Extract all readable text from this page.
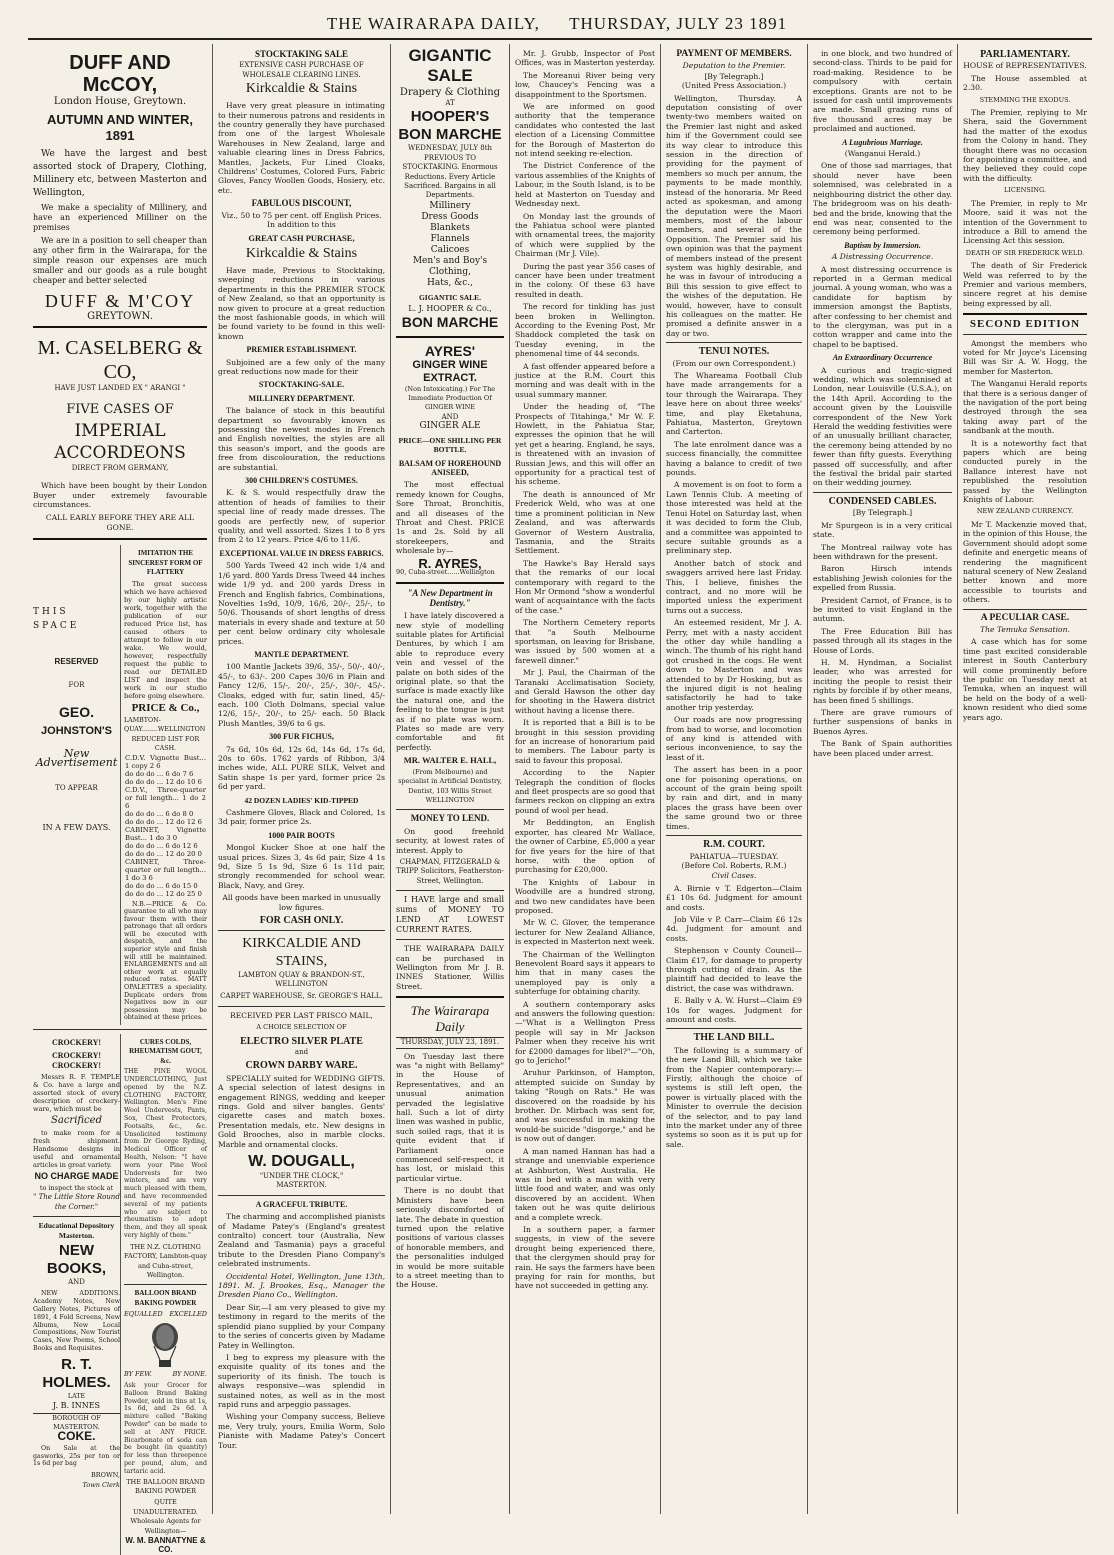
THE WAIRARAPA DAILY, THURSDAY, JULY 23 1891
DUFF AND McCOY,
London House, Greytown.
AUTUMN AND WINTER, 1891
We have the largest and best assorted stock of Drapery, Clothing, Millinery etc, between Masterton and Wellington,
We make a speciality of Millinery, and have an experienced Milliner on the premises
We are in a position to sell cheaper than any other firm in the Wairarapa, for the simple reason our expenses are much smaller and our goods as a rule bought cheaper and better selected
DUFF & M'COY
GREYTOWN.
M. CASELBERG & CO,
HAVE JUST LANDED EX " ARANGI "
FIVE CASES OF
IMPERIAL ACCORDEONS
DIRECT FROM GERMANY,
Which have been bought by their London Buyer under extremely favourable circumstances.
CALL EARLY BEFORE THEY ARE ALL GONE.
THIS SPACE
RESERVED
FOR
GEO.
JOHNSTON'S
New Advertisement
TO APPEAR
IN A FEW DAYS.
IMITATION THE SINCEREST FORM OF FLATTERY
The great success which we have achieved by our highly artistic work, together with the publication of our reduced Price list, has caused others to attempt to follow in our wake. We would, however, respectfully request the public to read our DETAILED LIST and inspect the work in our studio before going elsewhere.
PRICE & Co.,
LAMBTON-QUAY........WELLINGTON
REDUCED LIST FOR CASH.
C.D.V. Vignette Bust... 1 copy 2 6
do do do ... 6 do 7 6
do do do ... 12 do 10 6
C.D.V., Three-quarter or full length... 1 do 2 6
do do do ... 6 do 8 0
do do do ... 12 do 12 6
CABINET, Vignette Bust... 1 do 3 0
do do do ... 6 do 12 6
do do do ... 12 do 20 0
CABINET, Three-quarter or full length... 1 do 3 6
do do do ... 6 do 15 0
do do do ... 12 do 25 0
N.B.—PRICE & Co. guarantee to all who may favour them with their patronage that all orders will be executed with despatch, and the superior style and finish will still be maintained. ENLARGEMENTS and all other work at equally reduced rates. MATT OPALETTES a speciality. Duplicate orders from Negatives now in our possession may be obtained at these prices.
CROCKERY!
CROCKERY! CROCKERY!
Messrs R. F. TEMPLE & Co. have a large and assorted stock of every description of crockery-ware, which must be
Sacrificed
to make room for a fresh shipment. Handsome designs in useful and ornamental articles in great variety.
NO CHARGE MADE
to inspect the stock at
" The Little Store Round the Corner."
Educational Depository Masterton.
NEW BOOKS,
AND
NEW ADDITIONS. Academy Notes, New Gallery Notes, Pictures of 1891, 4 Fold Screens, New Albums, New Local Compositions, New Tourist Cases, New Poems, School Books and Requisites.
R. T. HOLMES.
LATE
J. B. INNES
BOROUGH OF MASTERTON.
COKE.
On Sale at the gasworks, 25s per ton or 1s 6d per bag
BROWN,
Town Clerk
CURES COLDS, RHEUMATISM GOUT, &c.
THE PINE WOOL UNDERCLOTHING, Just opened by the N.Z. CLOTHING FACTORY, Wellington. Men's Fine Wool Undervests, Pants, Sox, Chest Protectors, Footsalts, &c., &c. Unsolicited testimony from Dr George Ryding, Medical Officer of Health, Nelson: "I have worn your Pine Wool Undervests for two winters, and am very much pleased with them, and have recommended several of my patients who are subject to rheumatism to adopt them, and they all speak very highly of them."
THE N.Z. CLOTHING FACTORY, Lambton-quay and Cuba-street, Wellington.
BALLOON BRAND BAKING POWDER
EQUALLED EXCELLED
BY FEW.	BY NONE.
Ask your Grocer for Balloon Brand Baking Powder, sold in tins at 1s, 1s 6d, and 2s 6d. A mixture called "Baking Powder" can be made to sell at ANY PRICE. Bicarbonate of soda can be bought (in quantity) for less than threepence per pound, alum, and tartaric acid.
THE BALLOON BRAND BAKING POWDER
QUITE UNADULTERATED.
Wholesale Agents for Wellington—
W. M. BANNATYNE & CO.
STOCKTAKING SALE
EXTENSIVE CASH PURCHASE OF WHOLESALE CLEARING LINES.
Kirkcaldie & Stains
Have very great pleasure in intimating to their numerous patrons and residents in the country generally they have purchased from one of the largest Wholesale Warehouses in New Zealand, large and valuable clearing lines in Dress Fabrics, Mantles, Jackets, Fur Lined Cloaks, Childrens' Costumes, Colored Furs, Fabric Gloves, Fancy Woollen Goods, Hosiery, etc. etc.
FABULOUS DISCOUNT,
Viz., 50 to 75 per cent. off English Prices. In addition to this
GREAT CASH PURCHASE,
Kirkcaldie & Stains
Have made, Previous to Stocktaking, sweeping reductions in various departments in this the PREMIER STOCK of New Zealand, so that an opportunity is now given to procure at a great reduction the most fashionable goods, in which will be found variety to be found in this well-known
PREMIER ESTABLISHMENT.
Subjoined are a few only of the many great reductions now made for their
STOCKTAKING-SALE.
MILLINERY DEPARTMENT.
The balance of stock in this beautiful department so favourably known as possessing the newest modes in French and English novelties, the styles are all this season's import, and the goods are free from discolouration, the reductions are substantial.
300 CHILDREN'S COSTUMES.
K. & S. would respectfully draw the attention of heads of families to their special line of ready made dresses. The goods are perfectly new, of superior quality, and well assorted. Sizes 1 to 8 yrs from 2 to 12 years. Price 4/6 to 11/6.
EXCEPTIONAL VALUE IN DRESS FABRICS.
500 Yards Tweed 42 inch wide 1/4 and 1/6 yard. 800 Yards Dress Tweed 44 inches wide 1/9 yd. and 200 yards Dress in French and English fabrics, Combinations, Novelties 1s9d, 10/9, 16/6, 20/-, 25/-, to 50/6. Thousands of short lengths of dress materials in every shade and texture at 50 per cent below ordinary city wholesale prices.
MANTLE DEPARTMENT.
100 Mantle Jackets 39/6, 35/-, 50/-, 40/-, 45/-, to 63/-. 200 Capes 30/6 in Plain and Fancy 12/6, 15/-, 20/-, 25/-, 30/-, 45/-. Cloaks, edged with fur, satin lined, 45/- each. 100 Cloth Dolmans, special value 12/6, 15/-, 20/-, to 25/- each. 50 Black Plush Mantles, 39/6 to 6 gs.
300 FUR FICHUS,
7s 6d, 10s 6d, 12s 6d, 14s 6d, 17s 6d, 20s to 60s. 1762 yards of Ribbon, 3/4 inches wide, ALL PURE SILK, Velvet and Satin shape 1s per yard, former price 2s 6d per yard.
42 DOZEN LADIES' KID-TIPPED
Cashmere Gloves, Black and Colored, 1s 3d pair, former price 2s.
1000 PAIR BOOTS
Mongol Kucker Shoe at one half the usual prices. Sizes 3, 4s 6d pair, Size 4 1s 9d, Size 5 1s 9d, Size 6 1s 11d pair, strongly recommended for school wear. Black, Navy, and Grey.
All goods have been marked in unusually low figures.
FOR CASH ONLY.
KIRKCALDIE AND STAINS,
LAMBTON QUAY & BRANDON-ST., WELLINGTON
CARPET WAREHOUSE, Sr. GEORGE'S HALL.
RECEIVED PER LAST FRISCO MAIL,
A CHOICE SELECTION OF
ELECTRO SILVER PLATE
and
CROWN DARBY WARE.
SPECIALLY suited for WEDDING GIFTS. A special selection of latest designs in engagement RINGS, wedding and keeper rings. Gold and silver bangles. Gents' cigarette cases and match boxes. Presentation medals, etc. New designs in Gold Brooches, also in marble clocks. Marble and ornamental clocks.
W. DOUGALL,
"UNDER THE CLOCK,"
MASTERTON.
A GRACEFUL TRIBUTE.
The charming and accomplished pianists of Madame Patey's (England's greatest contralto) concert tour (Australia, New Zealand and Tasmania) pays a graceful tribute to the Dresden Piano Company's celebrated instruments.
Occidental Hotel, Wellington, June 13th, 1891. M. J. Brookes, Esq., Manager the Dresden Piano Co., Wellington.
Dear Sir,—I am very pleased to give my testimony in regard to the merits of the splendid piano supplied by your Company to the series of concerts given by Madame Patey in Wellington.
I beg to express my pleasure with the exquisite quality of its tones and the superiority of its finish. The touch is always responsive—was splendid in sustained notes, as well as in the most rapid runs and arpeggio passages.
Wishing your Company success, Believe me, Very truly, yours, Emilia Worm, Solo Pianiste with Madame Patey's Concert Tour.
GIGANTIC SALE
Drapery & Clothing
AT
HOOPER'S
BON MARCHE
WEDNESDAY, JULY 8th PREVIOUS TO STOCKTAKING. Enormous Reductions. Every Article Sacrificed. Bargains in all Departments.
Millinery
Dress Goods
Blankets
Flannels
Calicoes
Men's and Boy's Clothing,
Hats, &c.,
GIGANTIC SALE.
L. J. HOOPER & Co.,
BON MARCHE
AYRES'
GINGER WINE EXTRACT.
(Non Intoxicating.) For The Immediate Production Of GINGER WINE
AND
GINGER ALE
PRICE—ONE SHILLING PER BOTTLE.
BALSAM OF HOREHOUND ANISEED,
The most effectual remedy known for Coughs, Sore Throat, Bronchitis, and all diseases of the Throat and Chest. PRICE 1s and 2s. Sold by all storekeepers, and wholesale by—
R. AYRES,
90, Cuba-street......Wellington
"A New Department in Dentistry."
I have lately discovered a new style of modelling suitable plates for Artificial Dentures, by which I am able to reproduce every vein and vessel of the palate on both sides of the original plate, so that the surface is made exactly like the natural one, and the feeling to the tongue is just as if no plate was worn. Plates so made are very comfortable and fit perfectly.
MR. WALTER E. HALL,
(From Melbourne) and specialist in Artificial Dentistry, Dentist, 103 Willis Street WELLINGTON
MONEY TO LEND.
On good freehold security, at lowest rates of interest. Apply to
CHAPMAN, FITZGERALD & TRIPP Solicitors, Featherston-Street, Wellington.
I HAVE large and small sums of MONEY TO LEND AT LOWEST CURRENT RATES.
THE WAIRARAPA DAILY can be purchased in Wellington from Mr J. B. INNES Stationer, Willis Street.
The Wairarapa Daily
THURSDAY, JULY 23, 1891.
On Tuesday last there was "a night with Bellamy" in the House of Representatives, and an unusual animation pervaded the legislative hall. Such a lot of dirty linen was washed in public, such soiled rags, that it is quite evident that if Parliament once commenced self-respect, it has lost, or mislaid this particular virtue.
There is no doubt that Ministers have been seriously discomforted of late. The debate in question turned upon the relative positions of various classes of honorable members, and the personalities indulged in would be more suitable to a street meeting than to the House.
Mr. J. Grubb, Inspector of Post Offices, was in Masterton yesterday.
The Moreanui River being very low, Chaucey's Fencing was a disappointment to the Sportsmen.
We are informed on good authority that the temperance candidates who contested the last election of a Licensing Committee for the Borough of Masterton do not intend seeking re-election.
The District Conference of the various assemblies of the Knights of Labour, in the South Island, is to be held at Masterton on Tuesday and Wednesday next.
On Monday last the grounds of the Pahiatua school were planted with ornamental trees, the majority of which were supplied by the Chairman (Mr J. Vile).
During the past year 356 cases of cancer have been under treatment in the colony. Of these 63 have resulted in death.
The record for tinkling has just been broken in Wellington. According to the Evening Post, Mr Shaddock completed the task on Tuesday evening, in the phenomenal time of 44 seconds.
A fast offender appeared before a justice at the R.M. Court this morning and was dealt with in the usual summary manner.
Under the heading of, "The Prospects of Titahinga," Mr W. F. Howlett, in the Pahiatua Star, expresses the opinion that he will yet get a hearing. England, he says, is threatened with an invasion of Russian Jews, and this will offer an opportunity for a practical test of his scheme.
The death is announced of Mr Frederick Weld, who was at one time a prominent politician in New Zealand, and was afterwards Governor of Western Australia, Tasmania, and the Straits Settlement.
The Hawke's Bay Herald says that the remarks of our local contemporary with regard to the Hon Mr Ormond "show a wonderful want of acquaintance with the facts of the case."
The Northern Cemetery reports that "a South Melbourne sportsman, on leaving for Brisbane, was issued by 500 women at a farewell dinner."
Mr J. Paul, the Chairman of the Taranaki Acclimatisation Society, and Gerald Hawson the other day for shooting in the Hawera district without having a license there.
It is reported that a Bill is to be brought in this session providing for an increase of honorarium paid to members. The Labour party is said to favour this proposal.
According to the Napier Telegraph the condition of flocks and fleet prospects are so good that farmers reckon on clipping an extra pound of wool per head.
Mr Beddington, an English exporter, has cleared Mr Wallace, the owner of Carbine, £5,000 a year for five years for the hire of that horse, with the option of purchasing for £20,000.
The Knights of Labour in Woodville are a hundred strong, and two new candidates have been proposed.
Mr W. C. Glover, the temperance lecturer for New Zealand Alliance, is expected in Masterton next week.
The Chairman of the Wellington Benevolent Board says it appears to him that in many cases the unemployed pay is only a subterfuge for obtaining charity.
A southern contemporary asks and answers the following question:—"What is a Wellington Press people will say in Mr Jackson Palmer when they receive his writ for £2000 damages for libel?"—"Oh, go to Jericho!"
Aruhur Parkinson, of Hampton, attempted suicide on Sunday by taking "Rough on Rats." He was discovered on the roadside by his brother. Dr. Mirbach was sent for, and was successful in making the would-be suicide "disgorge," and he is now out of danger.
A man named Hannan has had a strange and unenviable experience at Ashburton, West Australia. He was in bed with a man with very little food and water, and was only discovered by an accident. When taken out he was quite delirious and a complete wreck.
In a southern paper, a farmer suggests, in view of the severe drought being experienced there, that the clergymen should pray for rain. He says the farmers have been praying for rain for months, but have not succeeded in getting any.
PAYMENT OF MEMBERS.
Deputation to the Premier.
[By Telegraph.]
(United Press Association.)
Wellington, Thursday. A deputation consisting of over twenty-two members waited on the Premier last night and asked him if the Government could see its way clear to introduce this session in the direction of providing for the payment of members so much per annum, the payments to be made monthly, instead of the honoraria. Mr Reed acted as spokesman, and among the deputation were the Maori members, most of the labour members, and several of the Opposition. The Premier said his own opinion was that the payment of members instead of the present system was highly desirable, and he was in favour of introducing a Bill this session to give effect to the wishes of the deputation. He would, however, have to consult his colleagues on the matter. He promised a definite answer in a day or two.
TENUI NOTES.
(From our own Correspondent.)
The Whareama Football Club have made arrangements for a tour through the Wairarapa. They leave here on about three weeks' time, and play Eketahuna, Pahiatua, Masterton, Greytown and Carterton.
The late enrolment dance was a success financially, the committee having a balance to credit of two pounds.
A movement is on foot to form a Lawn Tennis Club. A meeting of those interested was held at the Tenui Hotel on Saturday last, when it was decided to form the Club, and a committee was appointed to secure suitable grounds as a preliminary step.
Another batch of stock and swaggers arrived here last Friday. This, I believe, finishes the contract, and no more will be imported unless the experiment turns out a success.
An esteemed resident, Mr J. A. Perry, met with a nasty accident the other day while handling a winch. The thumb of his right hand got crushed in the cogs. He went down to Masterton and was attended to by Dr Hosking, but as the injured digit is not healing satisfactorily he had to take another trip yesterday.
Our roads are now progressing from bad to worse, and locomotion of any kind is attended with serious inconvenience, to say the least of it.
The assert has been in a poor one for poisoning operations, on account of the grain being spoilt by rain and dirt, and in many places the grass have been over the same ground two or three times.
R.M. COURT.
PAHIATUA—TUESDAY.
(Before Col. Roberts, R.M.)
Civil Cases.
A. Birnie v T. Edgerton—Claim £1 10s 6d. Judgment for amount and costs.
Job Vile v P. Carr—Claim £6 12s 4d. Judgment for amount and costs.
Stephenson v County Council—Claim £17, for damage to property through cutting of drain. As the plaintiff had decided to leave the district, the case was withdrawn.
E. Bally v A. W. Hurst—Claim £9 10s for wages. Judgment for amount and costs.
THE LAND BILL.
The following is a summary of the new Land Bill, which we take from the Napier contemporary:—Firstly, although the choice of systems is still left open, the power is virtually placed with the Minister to overrule the decision of the selector, and to pay land into the market under any of three systems so soon as it is put up for sale.
in one block, and two hundred of second-class. Thirds to be paid for road-making. Residence to be compulsory with certain exceptions. Grants are not to be issued for cash until improvements are made. Small grazing runs of five thousand acres may be proclaimed and auctioned.
A Lugubrious Marriage.
(Wanganui Herald.)
One of those sad marriages, that should never have been solemnised, was celebrated in a neighbouring district the other day. The bridegroom was on his death-bed and the bride, knowing that the end was near, consented to the ceremony being performed.
Baptism by Immersion.
A Distressing Occurrence.
A most distressing occurrence is reported in a German medical journal. A young woman, who was a candidate for baptism by immersion amongst the Baptists, after confessing to her chemist and to the clergyman, was put in a cotton wrapper and came into the chapel to be baptised.
An Extraordinary Occurrence
A curious and tragic-signed wedding, which was solemnised at London, near Louisville (U.S.A.), on the 14th April. According to the account given by the Louisville correspondent of the New York Herald the wedding festivities were of an unusually brilliant character, the ceremony being attended by no fewer than fifty guests. Everything passed off successfully, and after the festival the bridal pair started on their wedding journey.
CONDENSED CABLES.
[By Telegraph.]
Mr Spurgeon is in a very critical state.
The Montreal railway vote has been withdrawn for the present.
Baron Hirsch intends establishing Jewish colonies for the expelled from Russia.
President Carnot, of France, is to be invited to visit England in the autumn.
The Free Education Bill has passed through all its stages in the House of Lords.
H. M. Hyndman, a Socialist leader, who was arrested for inciting the people to resist their rights by forcible if by other means, has been fined 5 shillings.
There are grave rumours of further suspensions of banks in Buenos Ayres.
The Bank of Spain authorities have been placed under arrest.
PARLIAMENTARY.
HOUSE of REPRESENTATIVES.
The House assembled at 2.30.
STEMMING THE EXODUS.
The Premier, replying to Mr Shera, said the Government had the matter of the exodus from the Colony in hand. They thought there was no occasion for appointing a committee, and they believed they could cope with the difficulty.
LICENSING.
The Premier, in reply to Mr Moore, said it was not the intention of the Government to introduce a Bill to amend the Licensing Act this session.
DEATH OF SIR FREDERICK WELD.
The death of Sir Frederick Weld was referred to by the Premier and various members, sincere regret at his demise being expressed by all.
SECOND EDITION
Amongst the members who voted for Mr Joyce's Licensing Bill was Sir A. W. Hogg, the member for Masterton.
The Wanganui Herald reports that there is a serious danger of the navigation of the port being destroyed through the sea taking away part of the sandbank at the mouth.
It is a noteworthy fact that papers which are being conducted purely in the Ballance interest have not republished the resolution passed by the Wellington Knights of Labour.
NEW ZEALAND CURRENCY.
Mr T. Mackenzie moved that, in the opinion of this House, the Government should adopt some definite and energetic means of rendering the magnificent natural scenery of New Zealand better known and more accessible to tourists and others.
A PECULIAR CASE.
The Temuka Sensation.
A case which has for some time past excited considerable interest in South Canterbury will come prominently before the public on Tuesday next at Temuka, when an inquest will be held on the body of a well-known resident who died some years ago.
